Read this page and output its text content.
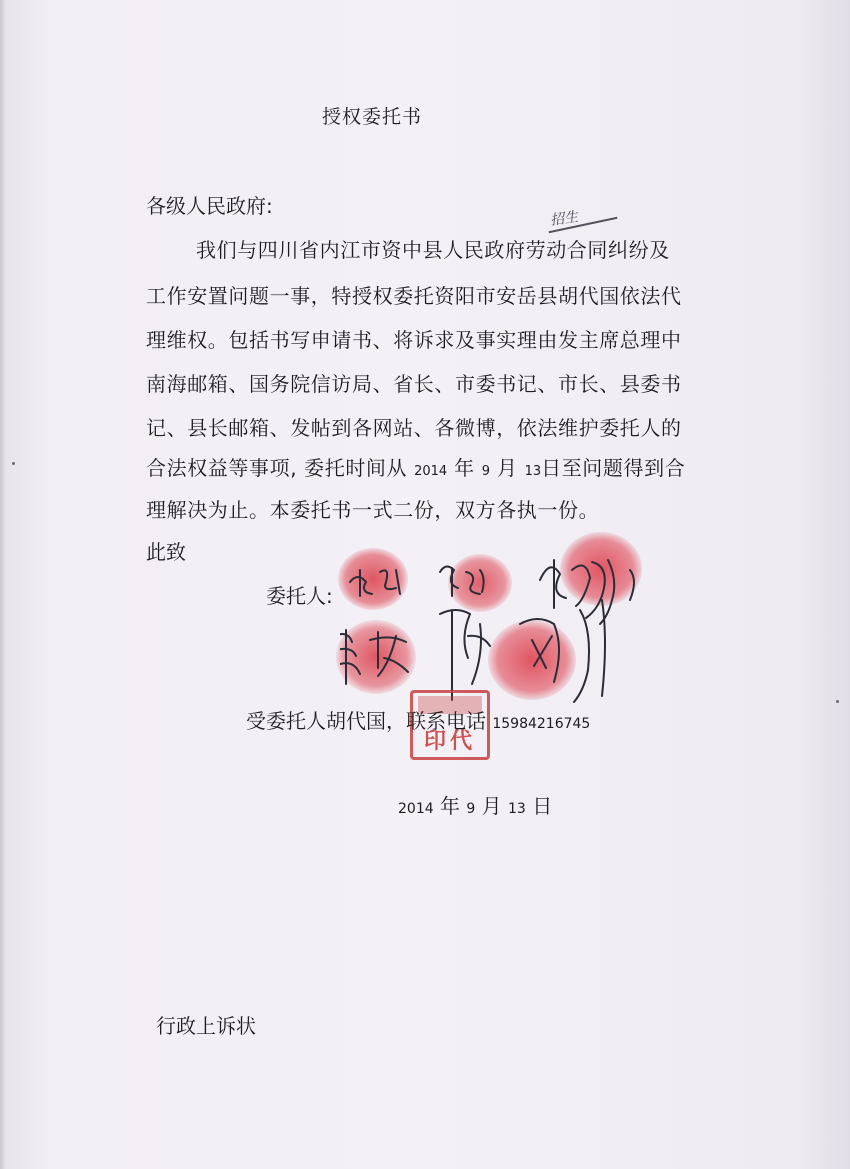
授权委托书
各级人民政府:
招生
我们与四川省内江市资中县人民政府劳动合同纠纷及
工作安置问题一事，特授权委托资阳市安岳县胡代国依法代
理维权。包括书写申请书、将诉求及事实理由发主席总理中
南海邮箱、国务院信访局、省长、市委书记、市长、县委书
记、县长邮箱、发帖到各网站、各微博，依法维护委托人的
合法权益等事项, 委托时间从 2014 年 9 月 13日至问题得到合
理解决为止。本委托书一式二份，双方各执一份。
此致
委托人:
印代
受委托人胡代国，联系电话 15984216745
2014 年 9 月 13 日
行政上诉状
